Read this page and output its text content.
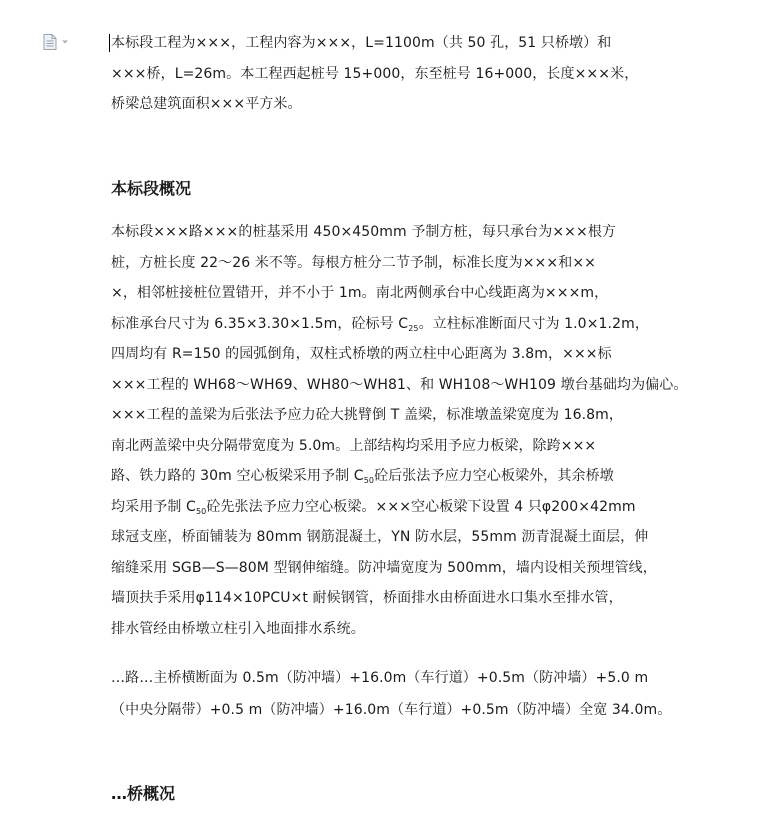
本标段工程为×××，工程内容为×××，L=1100m（共 50 孔，51 只桥墩）和
×××桥，L=26m。本工程西起桩号 15+000，东至桩号 16+000，长度×××米，
桥梁总建筑面积×××平方米。

本标段概况

本标段×××路×××的桩基采用 450×450mm 予制方桩，每只承台为×××根方
桩，方桩长度 22～26 米不等。每根方桩分二节予制，标准长度为×××和××
×，相邻桩接桩位置错开，并不小于 1m。南北两侧承台中心线距离为×××m，
标准承台尺寸为 6.35×3.30×1.5m，砼标号 $C_{25}$。立柱标准断面尺寸为 1.0×1.2m，
四周均有 R=150 的园弧倒角，双柱式桥墩的两立柱中心距离为 3.8m，×××标
×××工程的 WH68～WH69、WH80～WH81、和 WH108～WH109 墩台基础均为偏心。
×××工程的盖梁为后张法予应力砼大挑臂倒 T 盖梁，标准墩盖梁宽度为 16.8m，
南北两盖梁中央分隔带宽度为 5.0m。上部结构均采用予应力板梁，除跨×××
路、铁力路的 30m 空心板梁采用予制 $C_{50}$砼后张法予应力空心板梁外，其余桥墩
均采用予制 $C_{50}$砼先张法予应力空心板梁。×××空心板梁下设置 4 只φ200×42mm
球冠支座，桥面铺装为 80mm 钢筋混凝土，YN 防水层，55mm 沥青混凝土面层，伸
缩缝采用 SGB—S—80M 型钢伸缩缝。防冲墙宽度为 500mm，墙内设相关预埋管线，
墙顶扶手采用φ114×10PCU×t 耐候钢管，桥面排水由桥面进水口集水至排水管，
排水管经由桥墩立柱引入地面排水系统。

…路…主桥横断面为 0.5m（防冲墙）+16.0m（车行道）+0.5m（防冲墙）+5.0 m
（中央分隔带）+0.5 m（防冲墙）+16.0m（车行道）+0.5m（防冲墙）全宽 34.0m。

…桥概况
